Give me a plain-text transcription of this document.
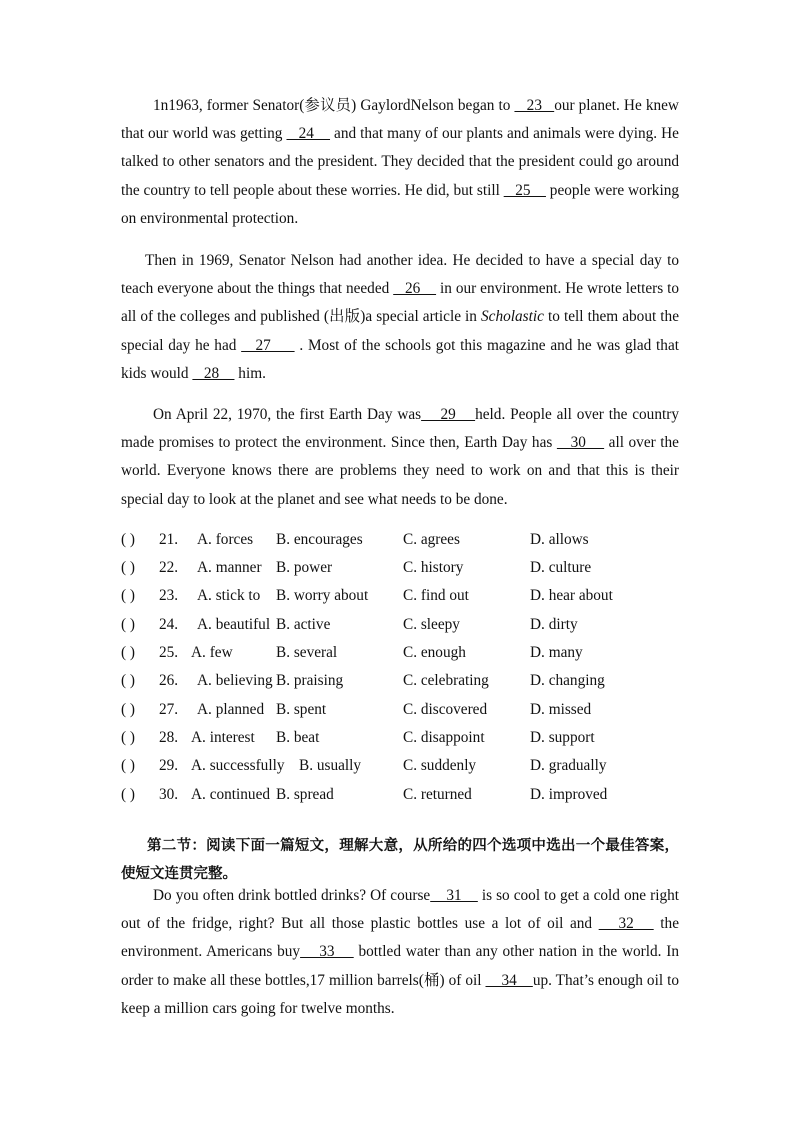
1n1963, former Senator(参议员) GaylordNelson began to    23   our planet. He knew that our world was getting    24     and that many of our plants and animals were dying. He talked to other senators and the president. They decided that the president could go around the country to tell people about these worries. He did, but still    25     people were working on environmental protection.

Then in 1969, Senator Nelson had another idea. He decided to have a special day to teach everyone about the things that needed    26     in our environment. He wrote letters to all of the colleges and published (出版)a special article in Scholastic to tell them about the special day he had    27      . Most of the schools got this magazine and he was glad that kids would    28     him.

On April 22, 1970, the first Earth Day was    29    held. People all over the country made promises to protect the environment. Since then, Earth Day has    30     all over the world. Everyone knows there are problems they need to work on and that this is their special day to look at the planet and see what needs to be done.

( ) 21. A. forces B. encourages	C. agrees	D. allows
( ) 22. A. manner B. power	C. history	D. culture
( ) 23. A. stick to B. worry about C. find out	D. hear about
( ) 24. A. beautiful B. active	C. sleepy	D. dirty
( ) 25. A. few	B. several	C. enough	D. many
( ) 26. A. believing B. praising	C. celebrating	D. changing
( ) 27. A. planned B. spent	C. discovered	D. missed
( ) 28. A. interest B. beat	C. disappoint	D. support
( ) 29. A. successfully B. usually	C. suddenly	D. gradually
( ) 30. A. continued B. spread	C. returned	D. improved

第二节：阅读下面一篇短文，理解大意，从所给的四个选项中选出一个最佳答案，使短文连贯完整。

Do you often drink bottled drinks? Of course    31     is so cool to get a cold one right out of the fridge, right? But all those plastic bottles use a lot of oil and    32    the environment. Americans buy    33     bottled water than any other nation in the world. In order to make all these bottles,17 million barrels(桶) of oil     34    up. That’s enough oil to keep a million cars going for twelve months.
